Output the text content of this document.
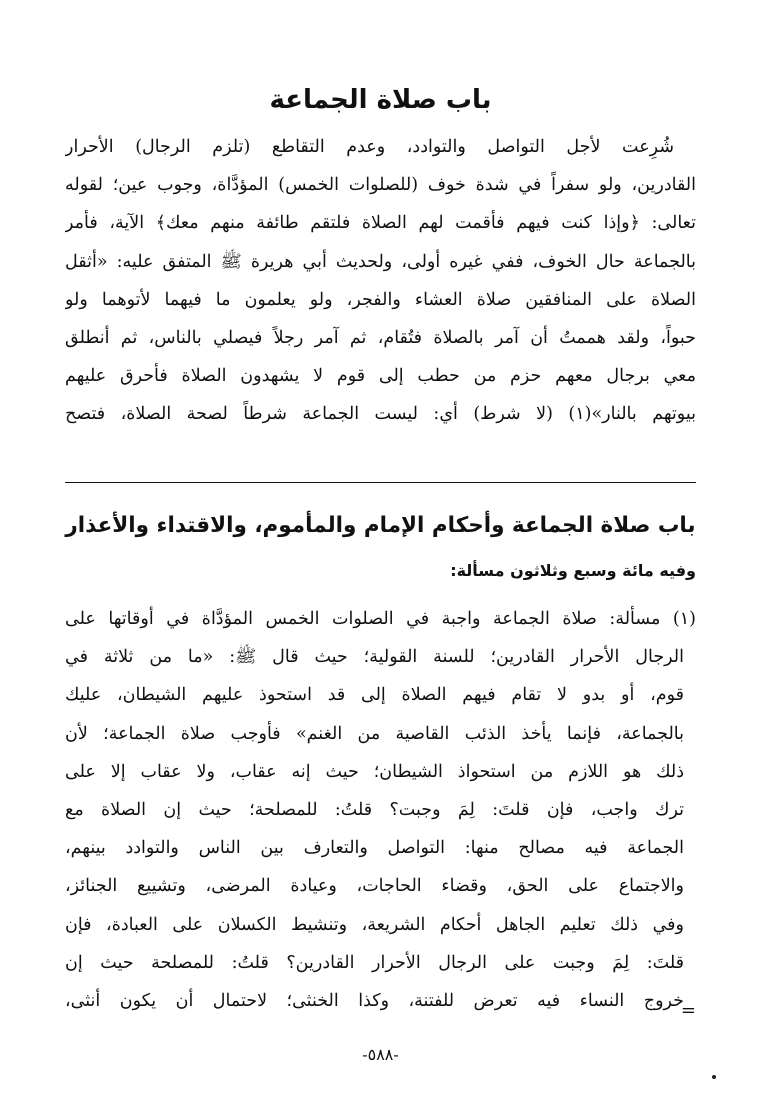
باب صلاة الجماعة
شُرِعت لأجل التواصل والتوادد، وعدم التقاطع (تلزم الرجال) الأحرار
القادرين، ولو سفراً في شدة خوف (للصلوات الخمس) المؤدَّاة، وجوب عين؛ لقوله
تعالى: ﴿وإذا كنت فيهم فأقمت لهم الصلاة فلتقم طائفة منهم معك﴾ الآية، فأمر
بالجماعة حال الخوف، ففي غيره أولى، ولحديث أبي هريرة ﷺ المتفق عليه: «أثقل
الصلاة على المنافقين صلاة العشاء والفجر، ولو يعلمون ما فيهما لأتوهما ولو
حبواً، ولقد هممتُ أن آمر بالصلاة فتُقام، ثم آمر رجلاً فيصلي بالناس، ثم أنطلق
معي برجال معهم حزم من حطب إلى قوم لا يشهدون الصلاة فأحرق عليهم
بيوتهم بالنار»(١) (لا شرط) أي: ليست الجماعة شرطاً لصحة الصلاة، فتصح
باب صلاة الجماعة وأحكام الإمام والمأموم، والاقتداء والأعذار
وفيه مائة وسبع وثلاثون مسألة:
(١) مسألة: صلاة الجماعة واجبة في الصلوات الخمس المؤدَّاة في أوقاتها على
الرجال الأحرار القادرين؛ للسنة القولية؛ حيث قال ﷺ: «ما من ثلاثة في
قوم، أو بدو لا تقام فيهم الصلاة إلى قد استحوذ عليهم الشيطان، عليك
بالجماعة، فإنما يأخذ الذئب القاصية من الغنم» فأوجب صلاة الجماعة؛ لأن
ذلك هو اللازم من استحواذ الشيطان؛ حيث إنه عقاب، ولا عقاب إلا على
ترك واجب، فإن قلتَ: لِمَ وجبت؟ قلتُ: للمصلحة؛ حيث إن الصلاة مع
الجماعة فيه مصالح منها: التواصل والتعارف بين الناس والتوادد بينهم،
والاجتماع على الحق، وقضاء الحاجات، وعيادة المرضى، وتشييع الجنائز،
وفي ذلك تعليم الجاهل أحكام الشريعة، وتنشيط الكسلان على العبادة، فإن
قلتَ: لِمَ وجبت على الرجال الأحرار القادرين؟ قلتُ: للمصلحة حيث إن
خروج النساء فيه تعرض للفتنة، وكذا الخنثى؛ لاحتمال أن يكون أنثى،
=
-٥٨٨-
